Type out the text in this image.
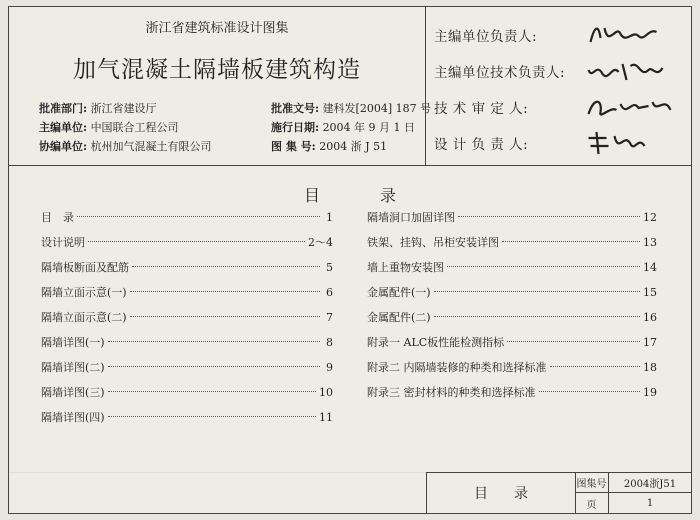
浙江省建筑标准设计图集
加气混凝土隔墙板建筑构造
批准部门: 浙江省建设厅	批准文号: 建科发[2004] 187 号
主编单位: 中国联合工程公司	施行日期: 2004 年 9 月 1 日
协编单位: 杭州加气混凝土有限公司	图 集 号: 2004 浙 J 51
主编单位负责人:
主编单位技术负责人:
技 术 审 定 人:
设 计 负 责 人:
目录
目　录	1
设计说明	2～4
隔墙板断面及配筋	5
隔墙立面示意(一)	6
隔墙立面示意(二)	7
隔墙详图(一)	8
隔墙详图(二)	9
隔墙详图(三)	10
隔墙详图(四)	11
隔墙洞口加固详图	12
铁架、挂钩、吊柜安装详图	13
墙上重物安装图	14
金属配件(一)	15
金属配件(二)	16
附录一 ALC板性能检测指标	17
附录二 内隔墙装修的种类和选择标准	18
附录三 密封材料的种类和选择标准	19
目录
图集号	2004浙J51
页	1
